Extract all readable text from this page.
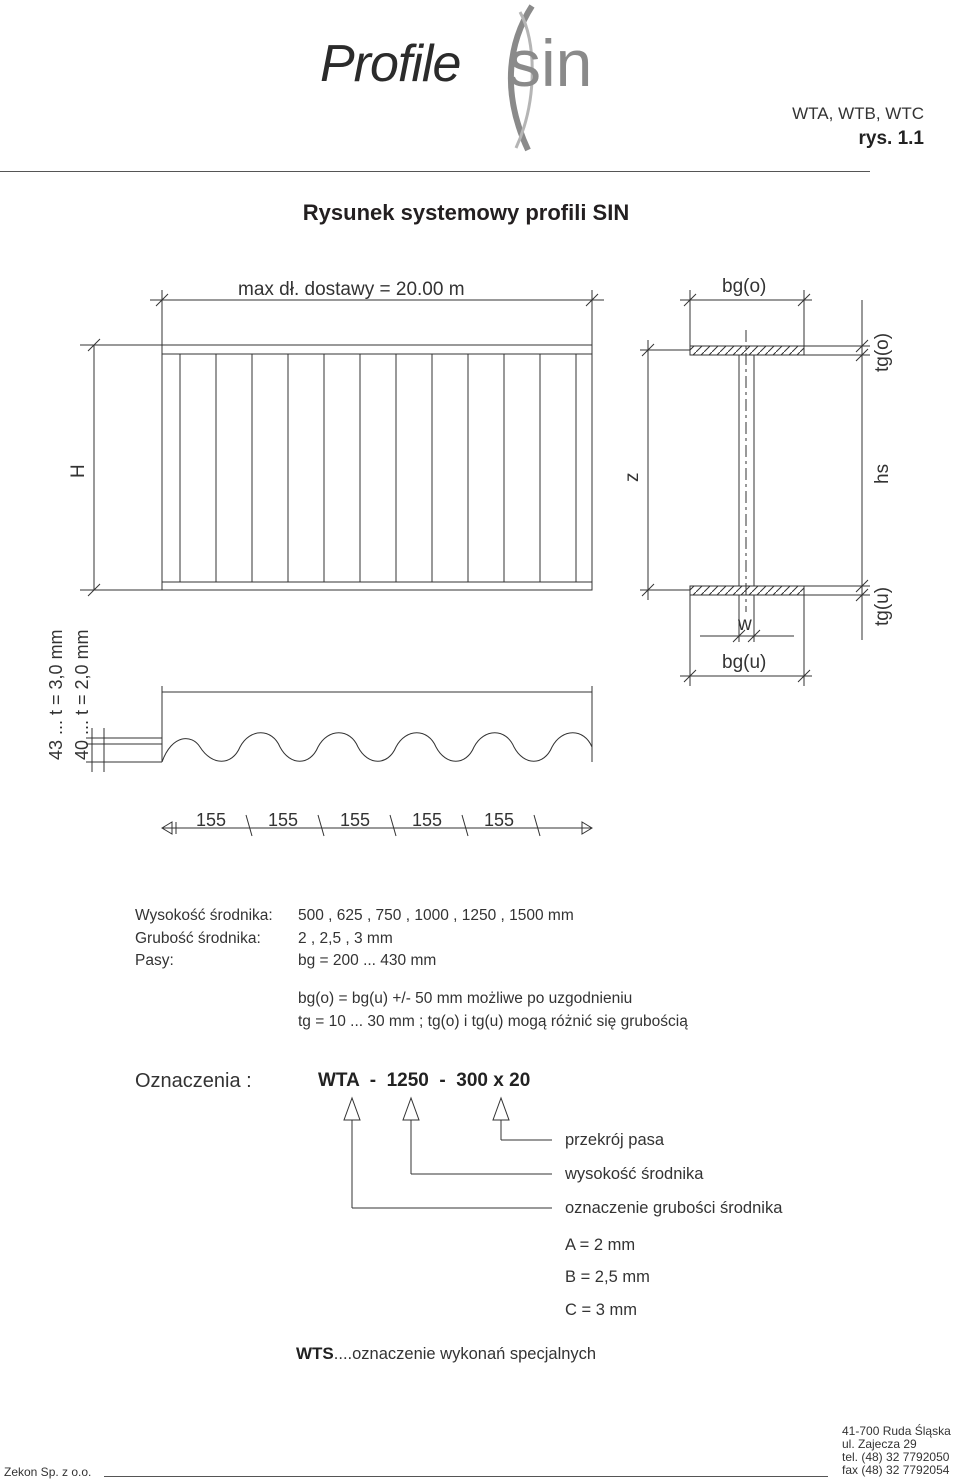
Profile sin
WTA, WTB, WTC
rys. 1.1
Rysunek systemowy profili SIN
max dł. dostawy = 20.00 m
H
43 ... t = 3,0 mm 40 ... t = 2,0 mm
155 155 155 155 155
bg(o)
tg(o)
z	hs
tg(u)
w
bg(u)
Wysokość środnika: 500 , 625 , 750 , 1000 , 1250 , 1500 mm
Grubość środnika: 2 , 2,5 , 3 mm
Pasy:	bg = 200 ... 430 mm
bg(o) = bg(u) +/- 50 mm możliwe po uzgodnieniu
tg = 10 ... 30 mm ; tg(o) i tg(u) mogą różnić się grubością
Oznaczenia :	WTA  -  1250  -  300 x 20
przekrój pasa
wysokość środnika
oznaczenie grubości środnika
A = 2 mm
B = 2,5 mm
C = 3 mm
WTS....oznaczenie wykonań specjalnych
Zekon Sp. z o.o.
41-700 Ruda Śląska
ul. Zajecza 29
tel. (48) 32 7792050
fax (48) 32 7792054
